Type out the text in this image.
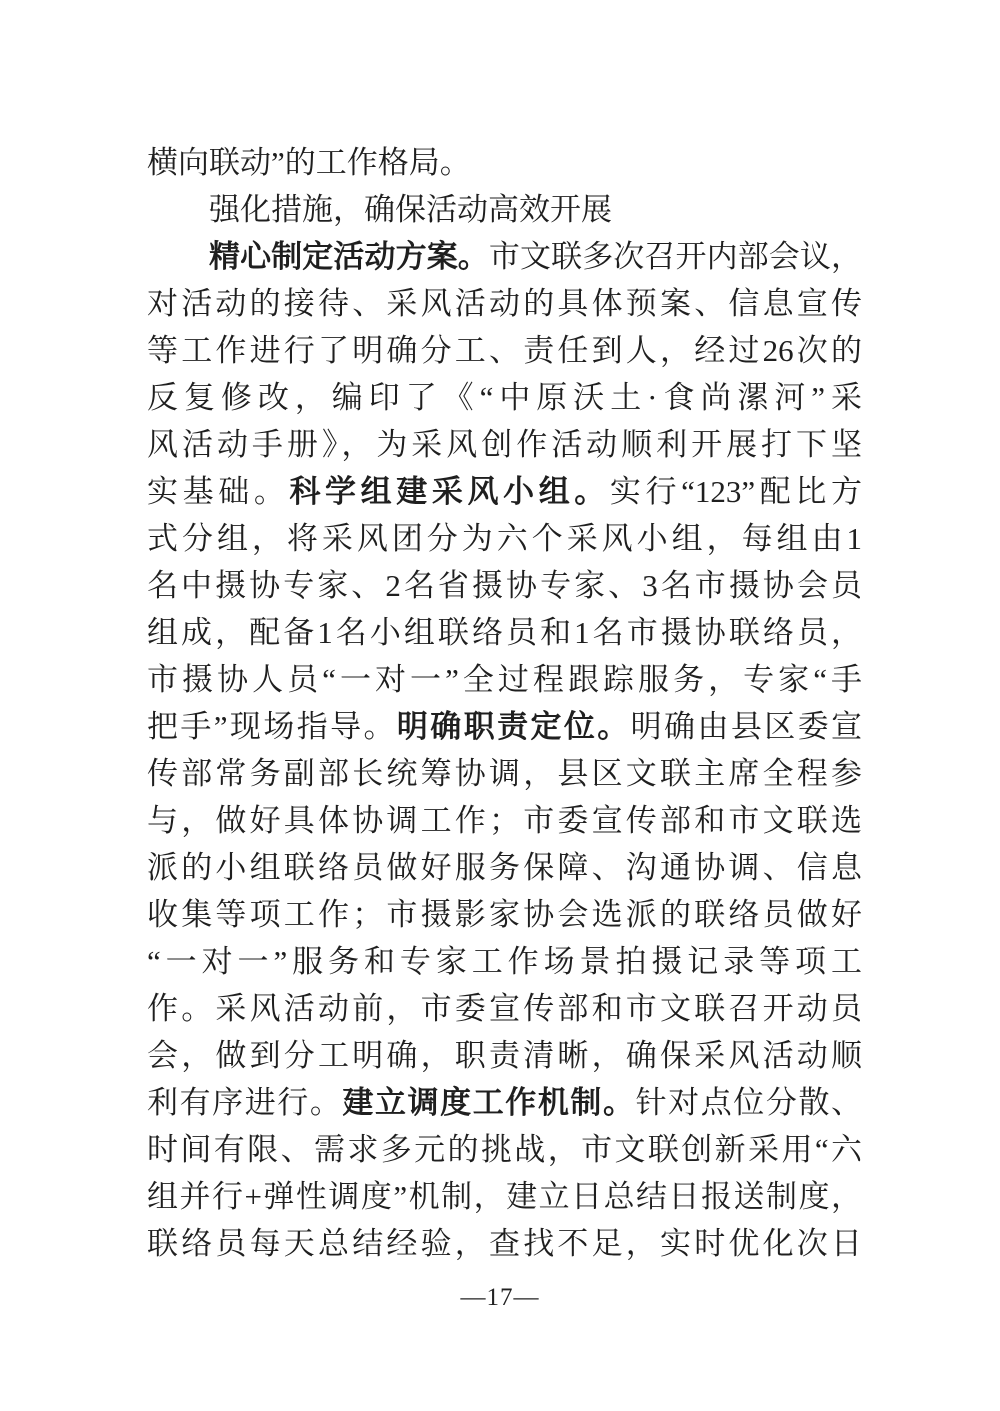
横向联动”的工作格局。
强化措施，确保活动高效开展
精心制定活动方案。市文联多次召开内部会议，
对活动的接待、采风活动的具体预案、信息宣传
等工作进行了明确分工、责任到人，经过26次的
反复修改，编印了《“中原沃土·食尚漯河”采
风活动手册》，为采风创作活动顺利开展打下坚
实基础。科学组建采风小组。实行“123”配比方
式分组，将采风团分为六个采风小组，每组由1
名中摄协专家、2名省摄协专家、3名市摄协会员
组成，配备1名小组联络员和1名市摄协联络员，
市摄协人员“一对一”全过程跟踪服务，专家“手
把手”现场指导。明确职责定位。明确由县区委宣
传部常务副部长统筹协调，县区文联主席全程参
与，做好具体协调工作；市委宣传部和市文联选
派的小组联络员做好服务保障、沟通协调、信息
收集等项工作；市摄影家协会选派的联络员做好
“一对一”服务和专家工作场景拍摄记录等项工
作。采风活动前，市委宣传部和市文联召开动员
会，做到分工明确，职责清晰，确保采风活动顺
利有序进行。建立调度工作机制。针对点位分散、
时间有限、需求多元的挑战，市文联创新采用“六
组并行+弹性调度”机制，建立日总结日报送制度，
联络员每天总结经验，查找不足，实时优化次日
—17—
